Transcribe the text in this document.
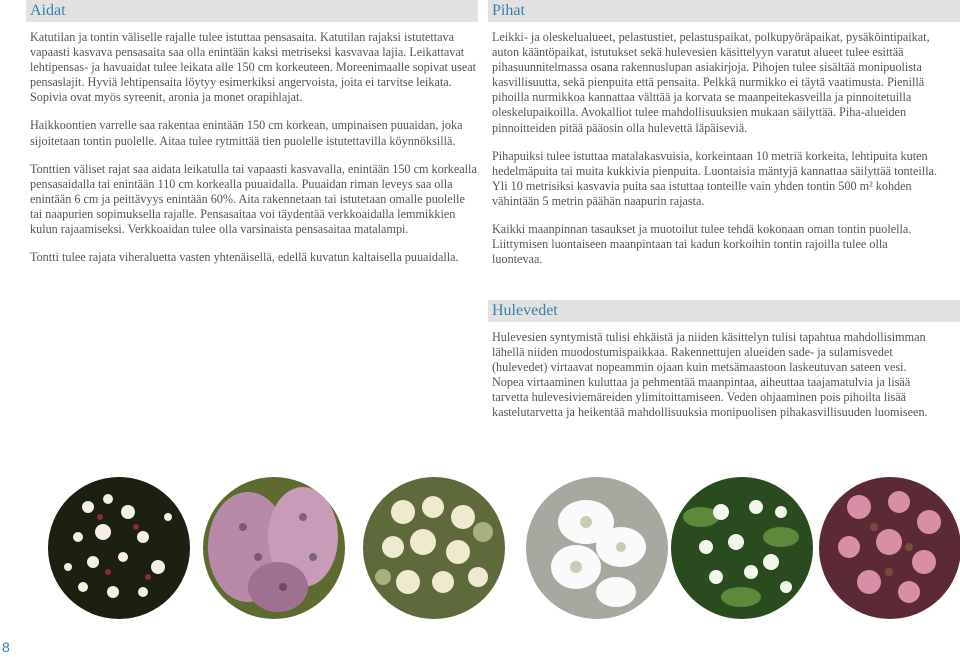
Aidat	Pihat

Katutilan ja tontin väliselle rajalle tulee istuttaa pensasaita. Katutilan rajaksi istutettava vapaasti kasvava pensasaita saa olla enintään kaksi metriseksi kasvavaa lajia. Leikattavat lehtipensas- ja havuaidat tulee leikata alle 150 cm korkeuteen. Moreenimaalle sopivat useat pensaslajit. Hyviä lehtipensaita löytyy esimerkiksi angervoista, joita ei tarvitse leikata. Sopivia ovat myös syreenit, aronia ja monet orapihlajat.

Haikkoontien varrelle saa rakentaa enintään 150 cm korkean, umpinaisen puuaidan, joka sijoitetaan tontin puolelle. Aitaa tulee rytmittää tien puolelle istutettavilla köynnöksillä.

Tonttien väliset rajat saa aidata leikatulla tai vapaasti kasvavalla, enintään 150 cm korkealla pensasaidalla tai enintään 110 cm korkealla puuaidalla. Puuaidan riman leveys saa olla enintään 6 cm ja peittävyys enintään 60%. Aita rakennetaan tai istutetaan omalle puolelle tai naapurien sopimuksella rajalle. Pensasaitaa voi täydentää verkkoaidalla lemmikkien kulun rajaamiseksi. Verkkoaidan tulee olla varsinaista pensasaitaa matalampi.

Tontti tulee rajata viheraluetta vasten yhtenäisellä, edellä kuvatun kaltaisella puuaidalla.

Leikki- ja oleskelualueet, pelastustiet, pelastuspaikat, polkupyöräpaikat, pysäköintipaikat, auton kääntöpaikat, istutukset sekä hulevesien käsittelyyn varatut alueet tulee esittää pihasuunnitelmassa osana rakennuslupan asiakirjoja. Pihojen tulee sisältää monipuolista kasvillisuutta, sekä pienpuita että pensaita. Pelkkä nurmikko ei täytä vaatimusta. Pienillä pihoilla nurmikkoa kannattaa välttää ja korvata se maanpeitekasveilla ja pinnoitetuilla oleskelupaikoilla. Avokalliot tulee mahdollisuuksien mukaan säilyttää. Piha-alueiden pinnoitteiden pitää pääosin olla hulevettä läpäiseviä.

Pihapuiksi tulee istuttaa matalakasvuisia, korkeintaan 10 metriä korkeita, lehtipuita kuten hedelmäpuita tai muita kukkivia pienpuita. Luontaisia mäntyjä kannattaa säilyttää tonteilla. Yli 10 metrisiksi kasvavia puita saa istuttaa tonteille vain yhden tontin 500 m² kohden vähintään 5 metrin päähän naapurin rajasta.

Kaikki maanpinnan tasaukset ja muotoilut tulee tehdä kokonaan oman tontin puolella. Liittymisen luontaiseen maanpintaan tai kadun korkoihin tontin rajoilla tulee olla luontevaa.

Hulevedet

Hulevesien syntymistä tulisi ehkäistä ja niiden käsittelyn tulisi tapahtua mahdollisimman lähellä niiden muodostumispaikkaa. Rakennettujen alueiden sade- ja sulamisvedet (hulevedet) virtaavat nopeammin ojaan kuin metsämaastoon laskeutuvan sateen vesi. Nopea virtaaminen kuluttaa ja pehmentää maanpintaa, aiheuttaa taajamatulvia ja lisää tarvetta hulevesiviemäreiden ylimitoittamiseen. Veden ohjaaminen pois pihoilta lisää kastelutarvetta ja heikentää mahdollisuuksia monipuolisen pihakasvillisuuden luomiseen.

8
